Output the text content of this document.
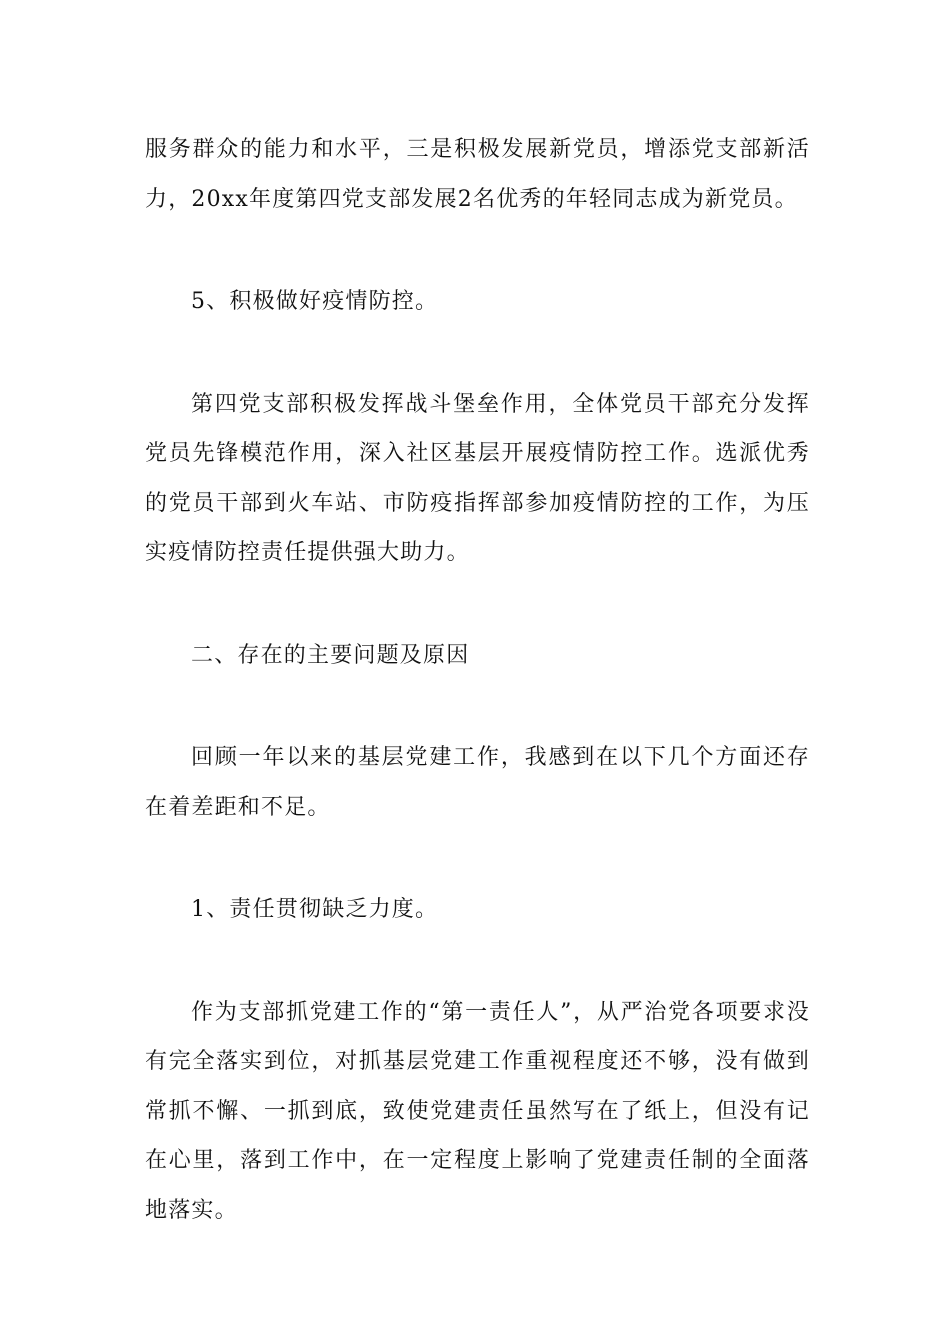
服务群众的能力和水平，三是积极发展新党员，增添党支部新活力，20xx年度第四党支部发展2名优秀的年轻同志成为新党员。

5、积极做好疫情防控。

第四党支部积极发挥战斗堡垒作用，全体党员干部充分发挥党员先锋模范作用，深入社区基层开展疫情防控工作。选派优秀的党员干部到火车站、市防疫指挥部参加疫情防控的工作，为压实疫情防控责任提供强大助力。

二、存在的主要问题及原因

回顾一年以来的基层党建工作，我感到在以下几个方面还存在着差距和不足。

1、责任贯彻缺乏力度。

作为支部抓党建工作的“第一责任人”，从严治党各项要求没有完全落实到位，对抓基层党建工作重视程度还不够，没有做到常抓不懈、一抓到底，致使党建责任虽然写在了纸上，但没有记在心里，落到工作中，在一定程度上影响了党建责任制的全面落地落实。
